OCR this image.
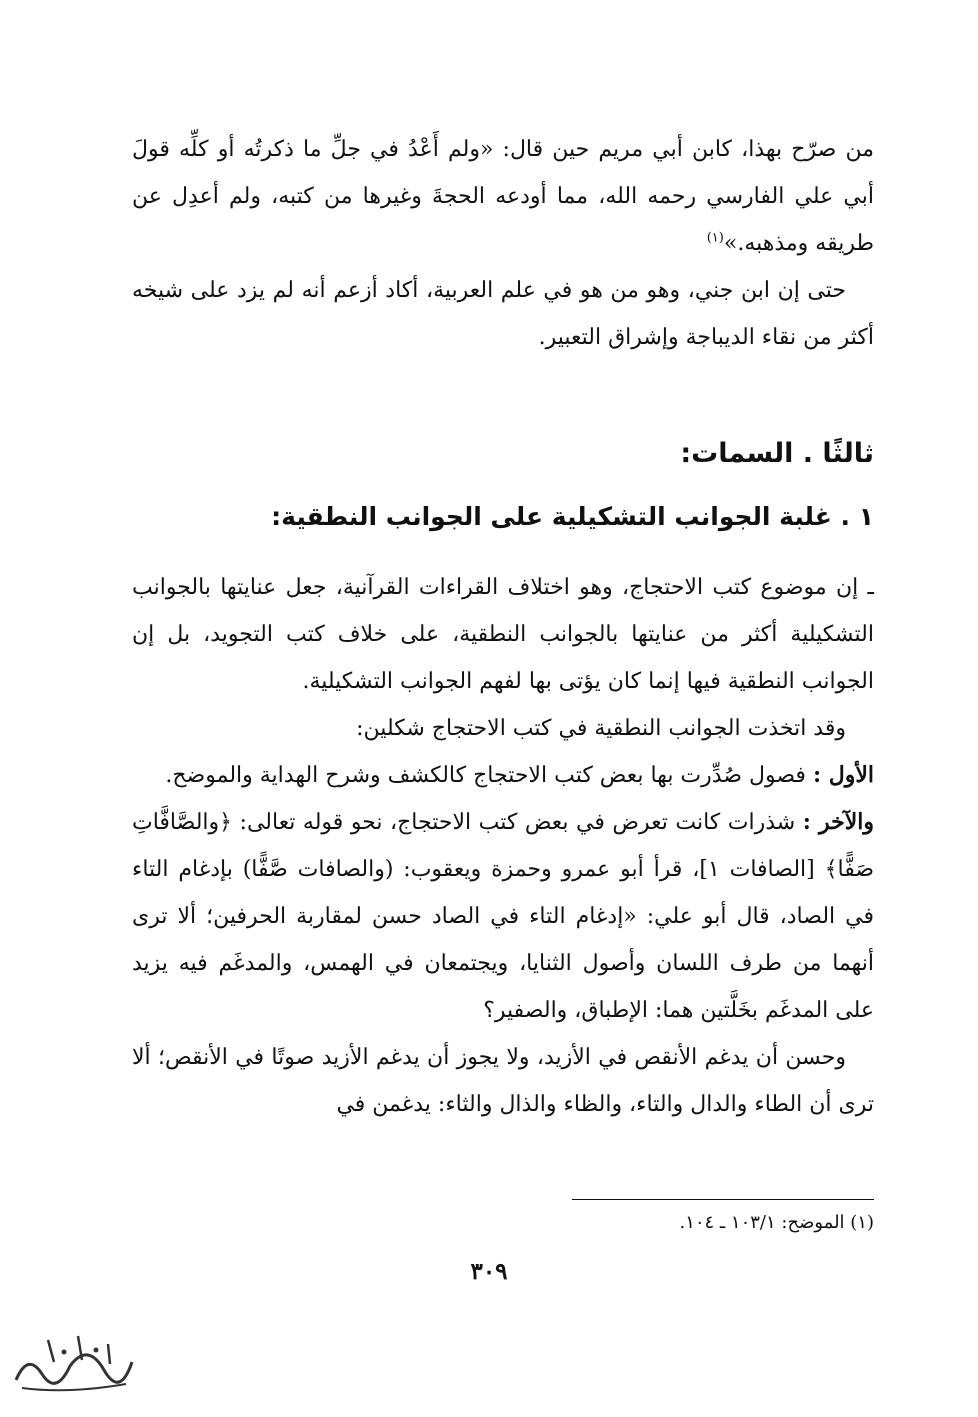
من صرّح بهذا، كابن أبي مريم حين قال: «ولم أَعْدُ في جلِّ ما ذكرتُه أو كلِّه قولَ أبي علي الفارسي رحمه الله، مما أودعه الحجةَ وغيرها من كتبه، ولم أعدِل عن طريقه ومذهبه.»$^{(١)}$

حتى إن ابن جني، وهو من هو في علم العربية، أكاد أزعم أنه لم يزد على شيخه أكثر من نقاء الديباجة وإشراق التعبير.

ثالثًا . السمات:
١ . غلبة الجوانب التشكيلية على الجوانب النطقية:

ـ إن موضوع كتب الاحتجاج، وهو اختلاف القراءات القرآنية، جعل عنايتها بالجوانب التشكيلية أكثر من عنايتها بالجوانب النطقية، على خلاف كتب التجويد، بل إن الجوانب النطقية فيها إنما كان يؤتى بها لفهم الجوانب التشكيلية.

وقد اتخذت الجوانب النطقية في كتب الاحتجاج شكلين:

الأول : فصول صُدِّرت بها بعض كتب الاحتجاج كالكشف وشرح الهداية والموضح.

والآخر : شذرات كانت تعرض في بعض كتب الاحتجاج، نحو قوله تعالى: ﴿والصَّافَّاتِ صَفًّا﴾ [الصافات ١]، قرأ أبو عمرو وحمزة ويعقوب: (والصافات صَّفًّا) بإدغام التاء في الصاد، قال أبو علي: «إدغام التاء في الصاد حسن لمقاربة الحرفين؛ ألا ترى أنهما من طرف اللسان وأصول الثنايا، ويجتمعان في الهمس، والمدغَم فيه يزيد على المدغَم بخَلَّتين هما: الإطباق، والصفير؟

وحسن أن يدغم الأنقص في الأزيد، ولا يجوز أن يدغم الأزيد صوتًا في الأنقص؛ ألا ترى أن الطاء والدال والتاء، والظاء والذال والثاء: يدغمن في

(١) الموضح: ١٠٣/١ ـ ١٠٤.
٣٠٩
